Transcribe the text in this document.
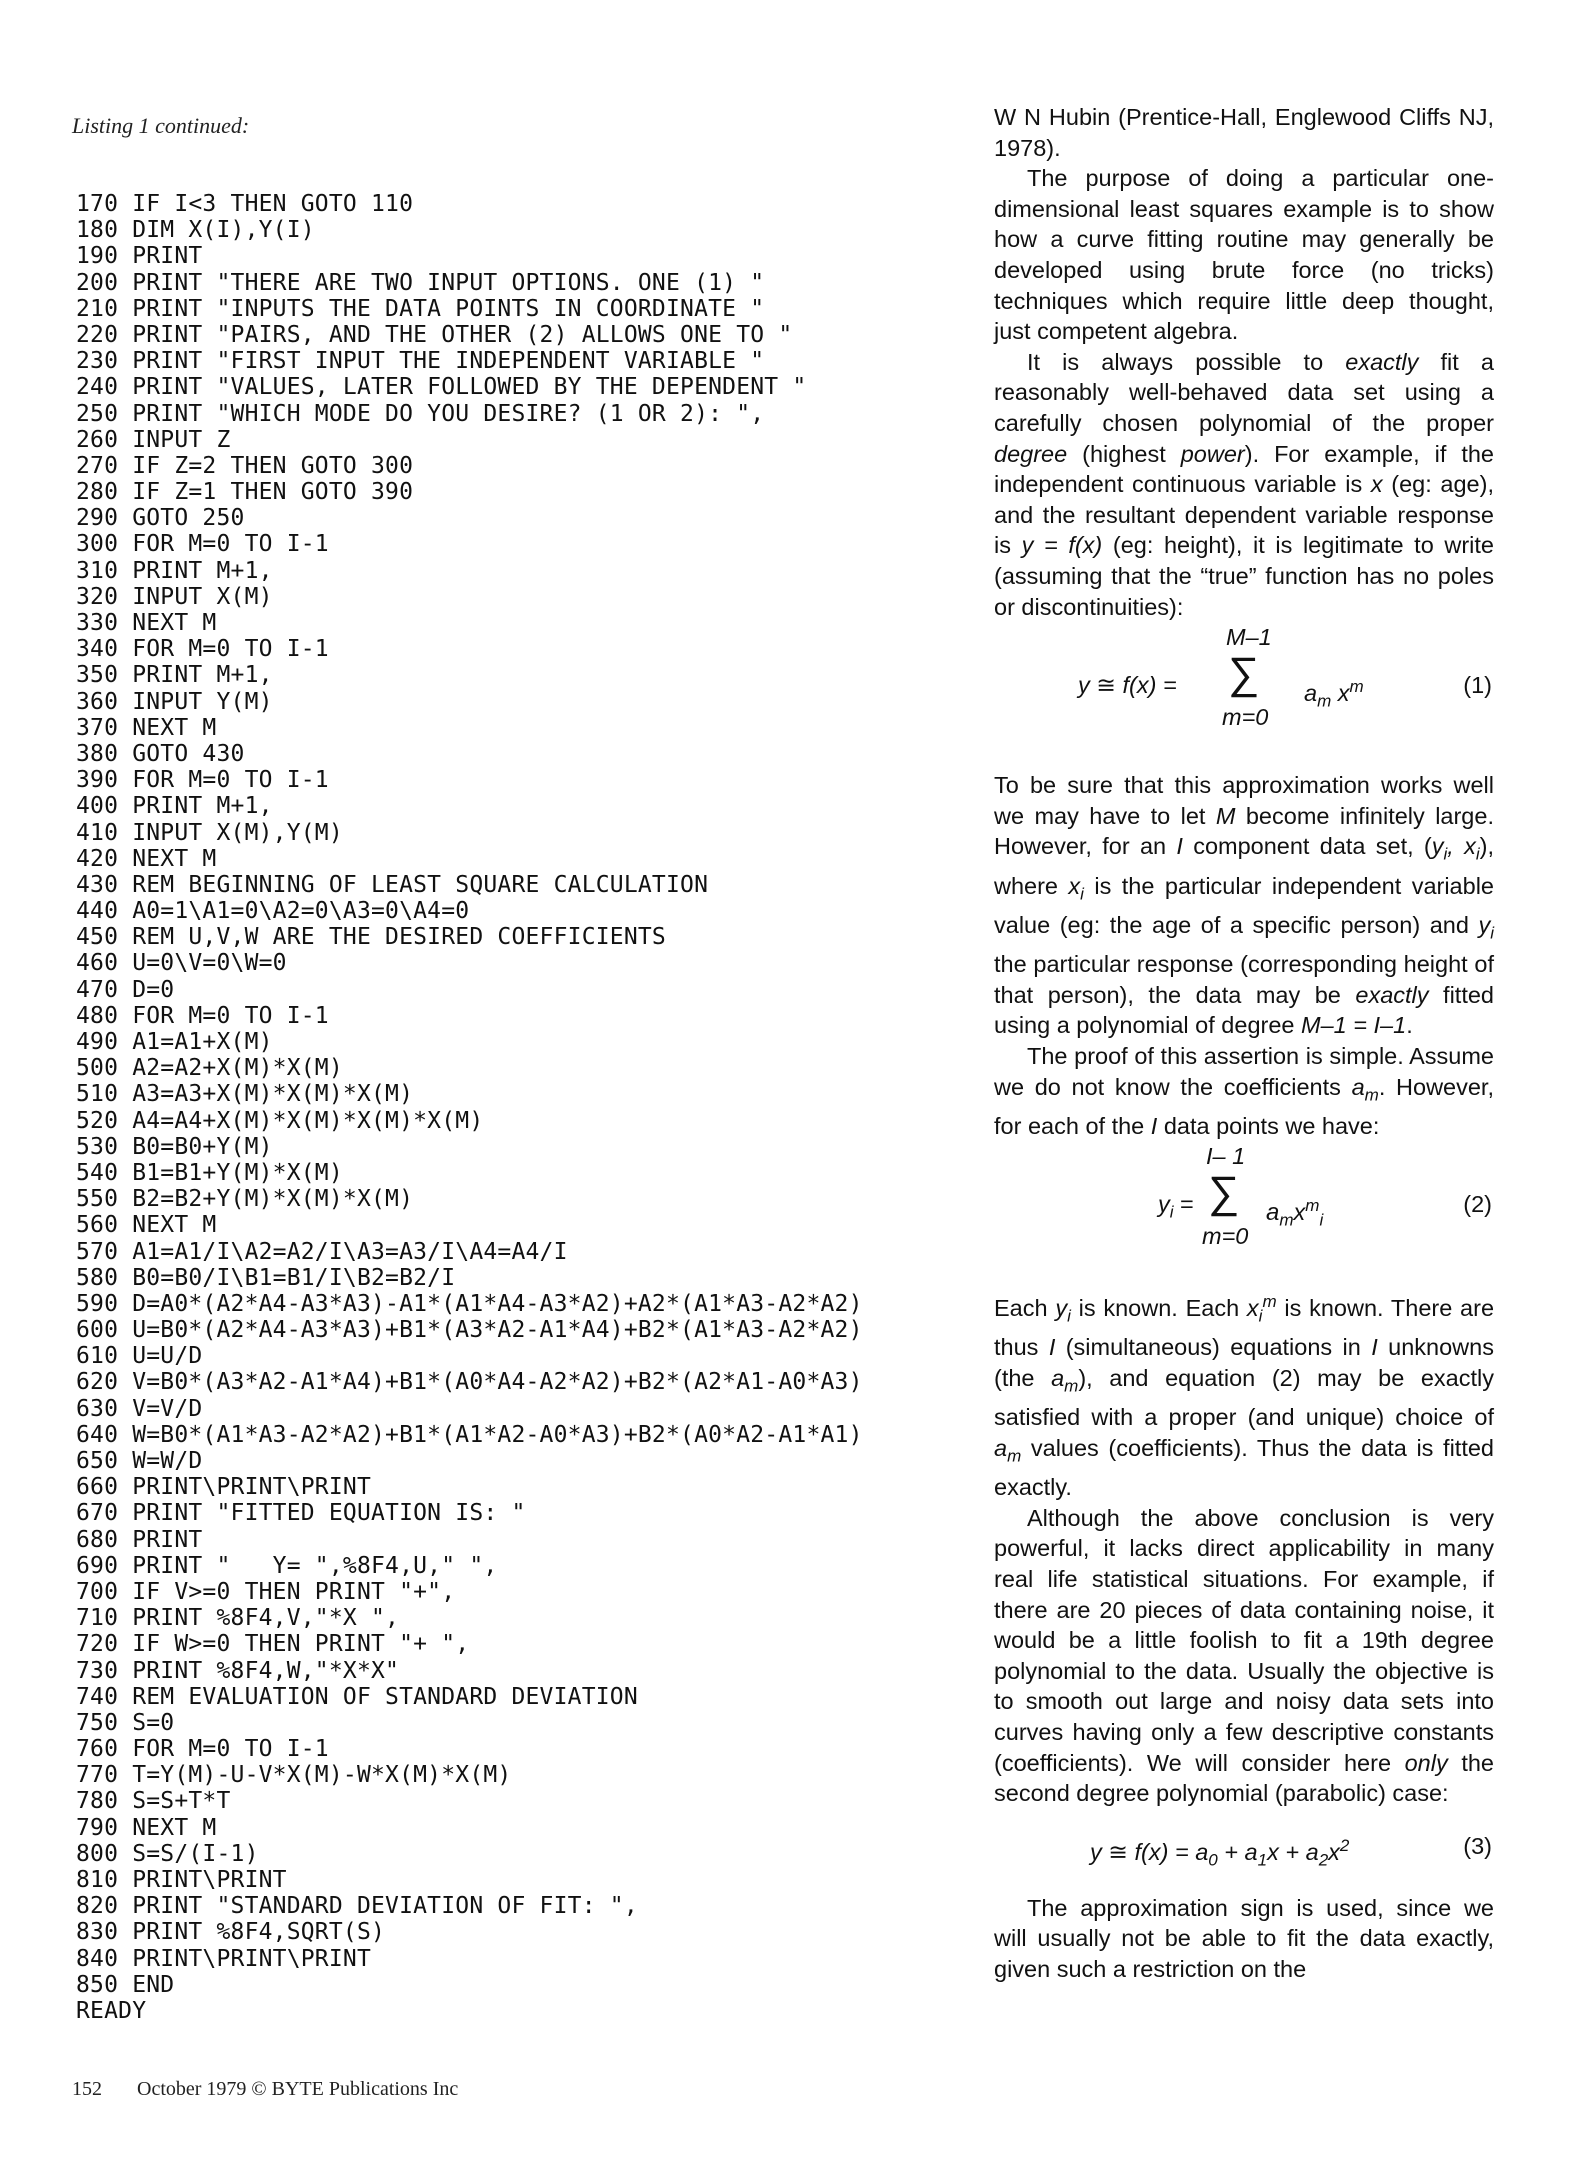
Listing 1 continued:
170 IF I<3 THEN GOTO 110
180 DIM X(I),Y(I)
190 PRINT
200 PRINT "THERE ARE TWO INPUT OPTIONS. ONE (1) "
210 PRINT "INPUTS THE DATA POINTS IN COORDINATE "
220 PRINT "PAIRS, AND THE OTHER (2) ALLOWS ONE TO "
230 PRINT "FIRST INPUT THE INDEPENDENT VARIABLE "
240 PRINT "VALUES, LATER FOLLOWED BY THE DEPENDENT "
250 PRINT "WHICH MODE DO YOU DESIRE? (1 OR 2): ",
260 INPUT Z
270 IF Z=2 THEN GOTO 300
280 IF Z=1 THEN GOTO 390
290 GOTO 250
300 FOR M=0 TO I-1
310 PRINT M+1,
320 INPUT X(M)
330 NEXT M
340 FOR M=0 TO I-1
350 PRINT M+1,
360 INPUT Y(M)
370 NEXT M
380 GOTO 430
390 FOR M=0 TO I-1
400 PRINT M+1,
410 INPUT X(M),Y(M)
420 NEXT M
430 REM BEGINNING OF LEAST SQUARE CALCULATION
440 A0=1\A1=0\A2=0\A3=0\A4=0
450 REM U,V,W ARE THE DESIRED COEFFICIENTS
460 U=0\V=0\W=0
470 D=0
480 FOR M=0 TO I-1
490 A1=A1+X(M)
500 A2=A2+X(M)*X(M)
510 A3=A3+X(M)*X(M)*X(M)
520 A4=A4+X(M)*X(M)*X(M)*X(M)
530 B0=B0+Y(M)
540 B1=B1+Y(M)*X(M)
550 B2=B2+Y(M)*X(M)*X(M)
560 NEXT M
570 A1=A1/I\A2=A2/I\A3=A3/I\A4=A4/I
580 B0=B0/I\B1=B1/I\B2=B2/I
590 D=A0*(A2*A4-A3*A3)-A1*(A1*A4-A3*A2)+A2*(A1*A3-A2*A2)
600 U=B0*(A2*A4-A3*A3)+B1*(A3*A2-A1*A4)+B2*(A1*A3-A2*A2)
610 U=U/D
620 V=B0*(A3*A2-A1*A4)+B1*(A0*A4-A2*A2)+B2*(A2*A1-A0*A3)
630 V=V/D
640 W=B0*(A1*A3-A2*A2)+B1*(A1*A2-A0*A3)+B2*(A0*A2-A1*A1)
650 W=W/D
660 PRINT\PRINT\PRINT
670 PRINT "FITTED EQUATION IS: "
680 PRINT
690 PRINT "   Y= ",%8F4,U," ",
700 IF V>=0 THEN PRINT "+",
710 PRINT %8F4,V,"*X ",
720 IF W>=0 THEN PRINT "+ ",
730 PRINT %8F4,W,"*X*X"
740 REM EVALUATION OF STANDARD DEVIATION
750 S=0
760 FOR M=0 TO I-1
770 T=Y(M)-U-V*X(M)-W*X(M)*X(M)
780 S=S+T*T
790 NEXT M
800 S=S/(I-1)
810 PRINT\PRINT
820 PRINT "STANDARD DEVIATION OF FIT: ",
830 PRINT %8F4,SQRT(S)
840 PRINT\PRINT\PRINT
850 END
READY

W N Hubin (Prentice-Hall, Englewood Cliffs NJ, 1978).

The purpose of doing a particular one-dimensional least squares example is to show how a curve fitting routine may generally be developed using brute force (no tricks) techniques which require little deep thought, just competent algebra.

It is always possible to exactly fit a reasonably well-behaved data set using a carefully chosen polynomial of the proper degree (highest power). For example, if the independent continuous variable is x (eg: age), and the resultant dependent variable response is y = f(x) (eg: height), it is legitimate to write (assuming that the “true” function has no poles or discontinuities):

y ≅ f(x) =
M–1
∑
m=0
$a_m$ $x^m$	(1)

To be sure that this approximation works well we may have to let M become infinitely large. However, for an I component data set, ($y_i$, $x_i$), where $x_i$ is the particular independent variable value (eg: the age of a specific person) and $y_i$ the particular response (corresponding height of that person), the data may be exactly fitted using a polynomial of degree M–1 = I–1.

The proof of this assertion is simple. Assume we do not know the coefficients $a_m$. However, for each of the I data points we have:

$y_i$ =
I– 1
∑
m=0
$a_mx^m_i$
(2)

Each $y_i$ is known. Each $x_i^m$ is known. There are thus I (simultaneous) equations in I unknowns (the $a_m$), and equation (2) may be exactly satisfied with a proper (and unique) choice of $a_m$ values (coefficients). Thus the data is fitted exactly.

Although the above conclusion is very powerful, it lacks direct applicability in many real life statistical situations. For example, if there are 20 pieces of data containing noise, it would be a little foolish to fit a 19th degree polynomial to the data. Usually the objective is to smooth out large and noisy data sets into curves having only a few descriptive constants (coefficients). We will consider here only the second degree polynomial (parabolic) case:

y ≅ $f(x) = a_0 + a_1x + a_2x^2$	(3)

The approximation sign is used, since we will usually not be able to fit the data exactly, given such a restriction on the

152 October 1979 © BYTE Publications Inc
